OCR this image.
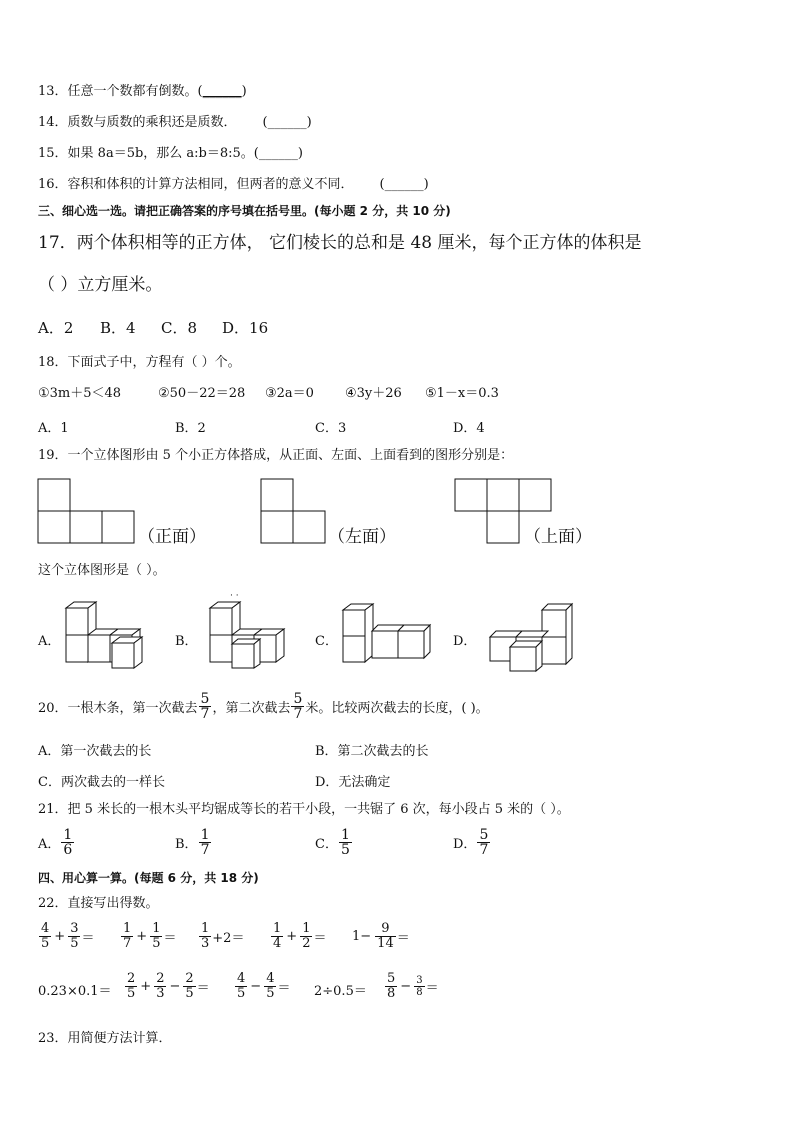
13．任意一个数都有倒数。(______)
14．质数与质数的乘积还是质数． (______)
15．如果 8a＝5b，那么 a:b＝8:5。(______)
16．容积和体积的计算方法相同，但两者的意义不同． (______)
三、细心选一选。请把正确答案的序号填在括号里。(每小题 2 分，共 10 分)
17．两个体积相等的正方体， 它们棱长的总和是 48 厘米，每个正方体的体积是
（ ）立方厘米。
A．2 B．4 C．8 D．16
18．下面式子中，方程有（ ）个。
①3m＋5＜48	②50－22＝28 ③2a＝0 ④3y＋26 ⑤1－x＝0.3
A．1	B．2	C．3	D．4
19．一个立体图形由 5 个小正方体搭成，从正面、左面、上面看到的图形分别是：
（正面）	（左面）	（上面）
这个立体图形是（ ）。
A．	B．
· ·
C．	D．
20．一根木条，第一次截去 $\frac{5}{7}$ ，第二次截去 $\frac{5}{7}$ 米。比较两次截去的长度，( )。
A．第一次截去的长	B．第二次截去的长
C．两次截去的一样长	D．无法确定
21．把 5 米长的一根木头平均锯成等长的若干小段，一共锯了 6 次，每小段占 5 米的（ ）。
A． $\frac{1}{6}$	B． $\frac{1}{7}$	C． $\frac{1}{5}$	D． $\frac{5}{7}$
四、用心算一算。(每题 6 分，共 18 分)
22．直接写出得数。
$\frac{4}{5} + \frac{3}{5} = \frac{1}{7} + \frac{1}{5} = \frac{1}{3} +2= \frac{1}{4} + \frac{1}{2} = 1- \frac{9}{14}$ ＝
$0.23\times 0.1= \frac{2}{5} + \frac{2}{3} - \frac{2}{5} = \frac{4}{5} - \frac{4}{5} = 2\div 0.5= \frac{5}{8} - \frac{3}{8}$ ＝
23．用简便方法计算．
